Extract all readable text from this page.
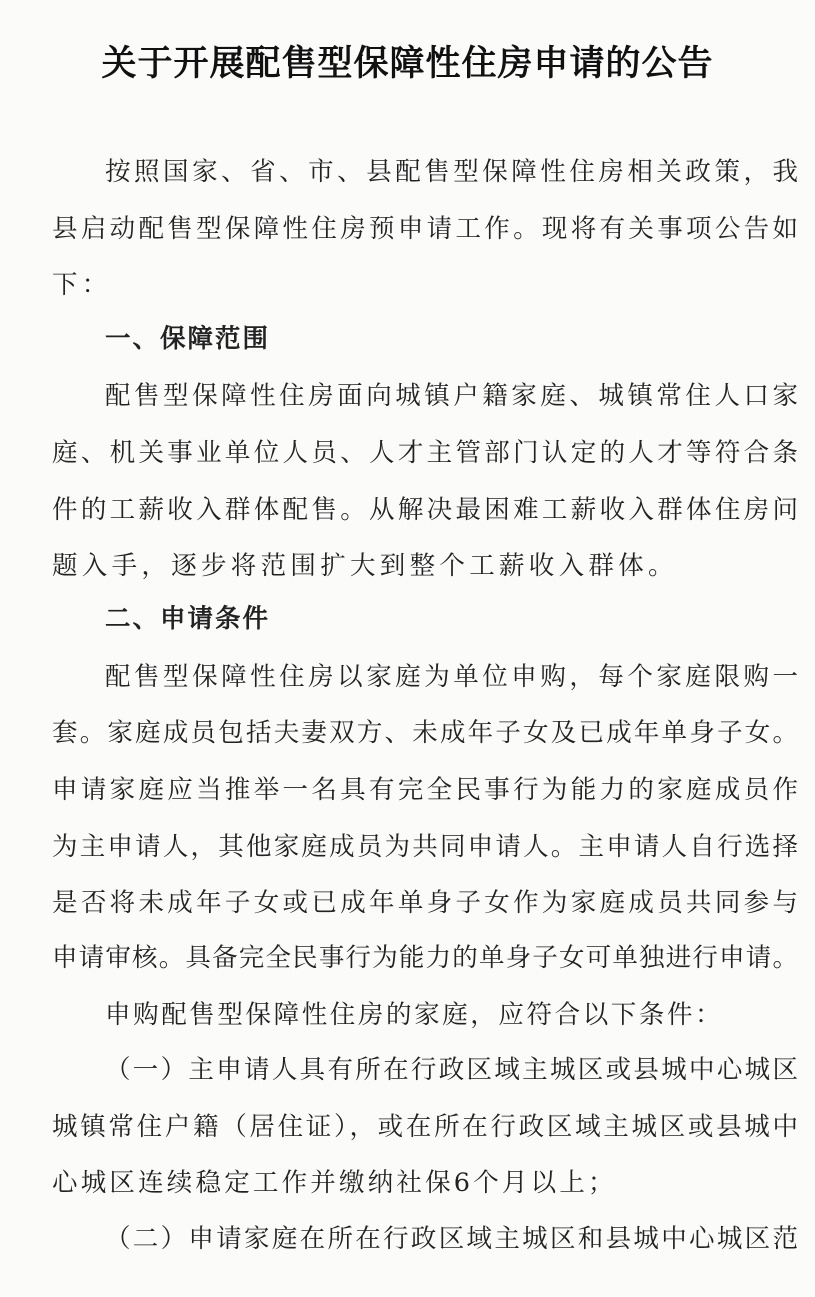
关于开展配售型保障性住房申请的公告
按照国家、省、市、县配售型保障性住房相关政策，我
县启动配售型保障性住房预申请工作。现将有关事项公告如
下：
一、保障范围
配售型保障性住房面向城镇户籍家庭、城镇常住人口家
庭、机关事业单位人员、人才主管部门认定的人才等符合条
件的工薪收入群体配售。从解决最困难工薪收入群体住房问
题入手，逐步将范围扩大到整个工薪收入群体。
二、申请条件
配售型保障性住房以家庭为单位申购，每个家庭限购一
套。家庭成员包括夫妻双方、未成年子女及已成年单身子女。
申请家庭应当推举一名具有完全民事行为能力的家庭成员作
为主申请人，其他家庭成员为共同申请人。主申请人自行选择
是否将未成年子女或已成年单身子女作为家庭成员共同参与
申请审核。具备完全民事行为能力的单身子女可单独进行申请。
申购配售型保障性住房的家庭，应符合以下条件：
（一）主申请人具有所在行政区域主城区或县城中心城区
城镇常住户籍（居住证），或在所在行政区域主城区或县城中
心城区连续稳定工作并缴纳社保6个月以上；
（二）申请家庭在所在行政区域主城区和县城中心城区范
